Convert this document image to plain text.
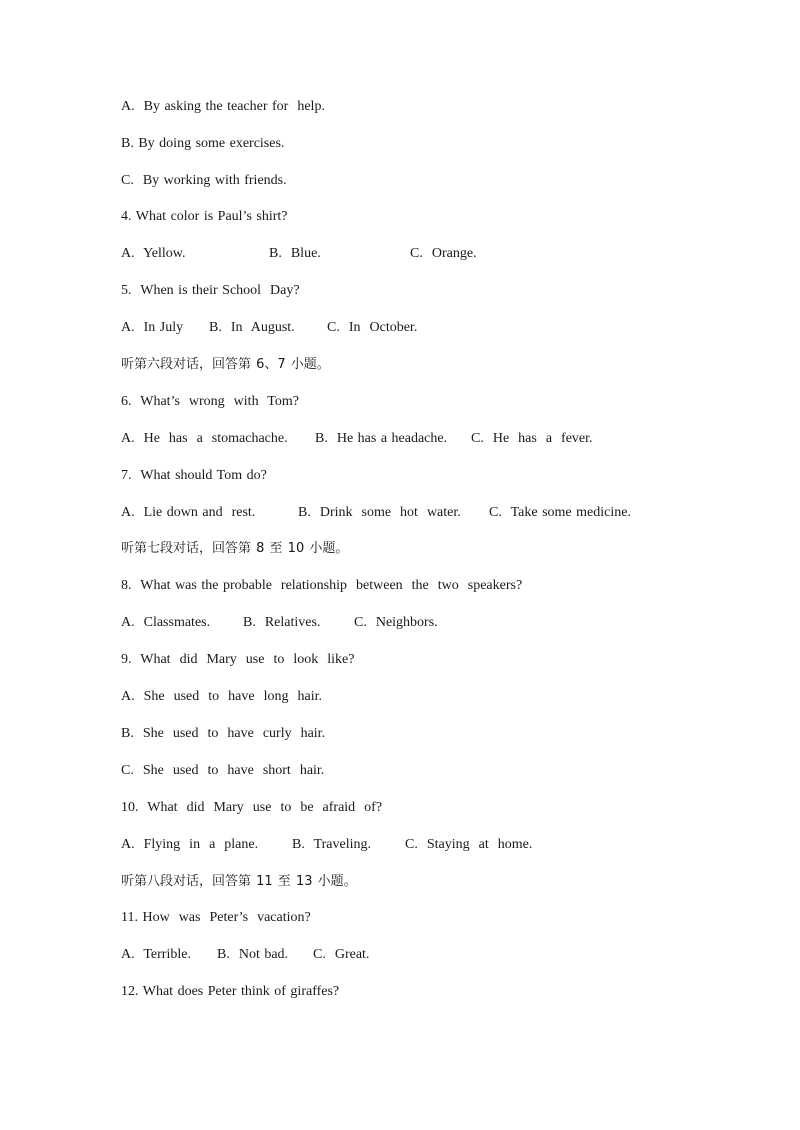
A.  By asking the teacher for  help.
B. By doing some exercises.
C.  By working with friends.
4. What color is Paul’s shirt?

A.  Yellow.

	B.  Blue.

	C.  Orange.

5.  When is their School  Day?

A.  In July

B.  In  August.

C.  In  October.

听第六段对话，回答第 6、7 小题。
6.  What’s  wrong  with  Tom?

A.  He  has  a  stomachache.

B.  He has a headache.

C.  He  has  a  fever.

7.  What should Tom do?

A.  Lie down and  rest.

	B.  Drink  some  hot  water.

C.  Take some medicine.

听第七段对话，回答第 8 至 10 小题。
8.  What was the probable  relationship  between  the  two  speakers?

A.  Classmates.

B.  Relatives.

C.  Neighbors.

9.  What  did  Mary  use  to  look  like?
A.  She  used  to  have  long  hair.
B.  She  used  to  have  curly  hair.
C.  She  used  to  have  short  hair.
10.  What  did  Mary  use  to  be  afraid  of?

A.  Flying  in  a  plane.

B.  Traveling.

C.  Staying  at  home.

听第八段对话，回答第 11 至 13 小题。
11. How  was  Peter’s  vacation?

A.  Terrible.

B.  Not bad.

C.  Great.

12. What does Peter think of giraffes?
